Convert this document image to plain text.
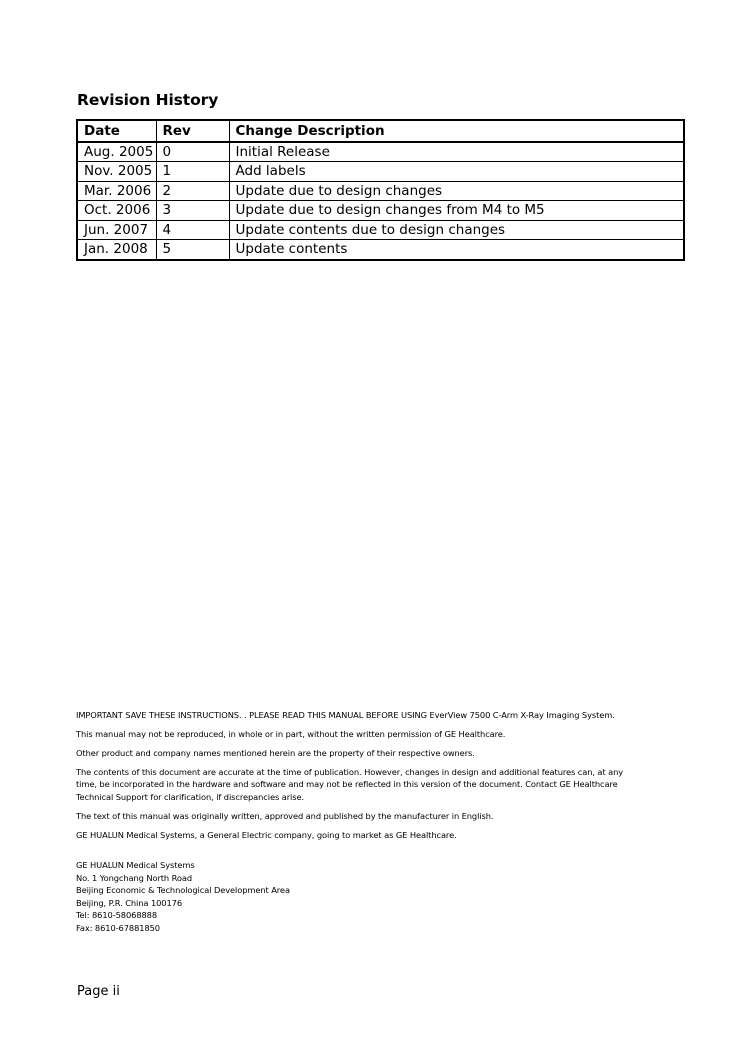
Revision History
Date	Rev	Change Description
Aug. 2005	0	Initial Release
Nov. 2005	1	Add labels
Mar. 2006	2	Update due to design changes
Oct. 2006	3	Update due to design changes from M4 to M5
Jun. 2007	4	Update contents due to design changes
Jan. 2008	5	Update contents

IMPORTANT SAVE THESE INSTRUCTIONS. . PLEASE READ THIS MANUAL BEFORE USING EverView 7500 C-Arm X-Ray Imaging System.

This manual may not be reproduced, in whole or in part, without the written permission of GE Healthcare.

Other product and company names mentioned herein are the property of their respective owners.

The contents of this document are accurate at the time of publication. However, changes in design and additional features can, at any time, be incorporated in the hardware and software and may not be reflected in this version of the document. Contact GE Healthcare Technical Support for clarification, if discrepancies arise.

The text of this manual was originally written, approved and published by the manufacturer in English.

GE HUALUN Medical Systems, a General Electric company, going to market as GE Healthcare.

GE HUALUN Medical Systems
No. 1 Yongchang North Road
Beijing Economic & Technological Development Area
Beijing, P.R. China 100176
Tel: 8610-58068888
Fax: 8610-67881850
Page ii
